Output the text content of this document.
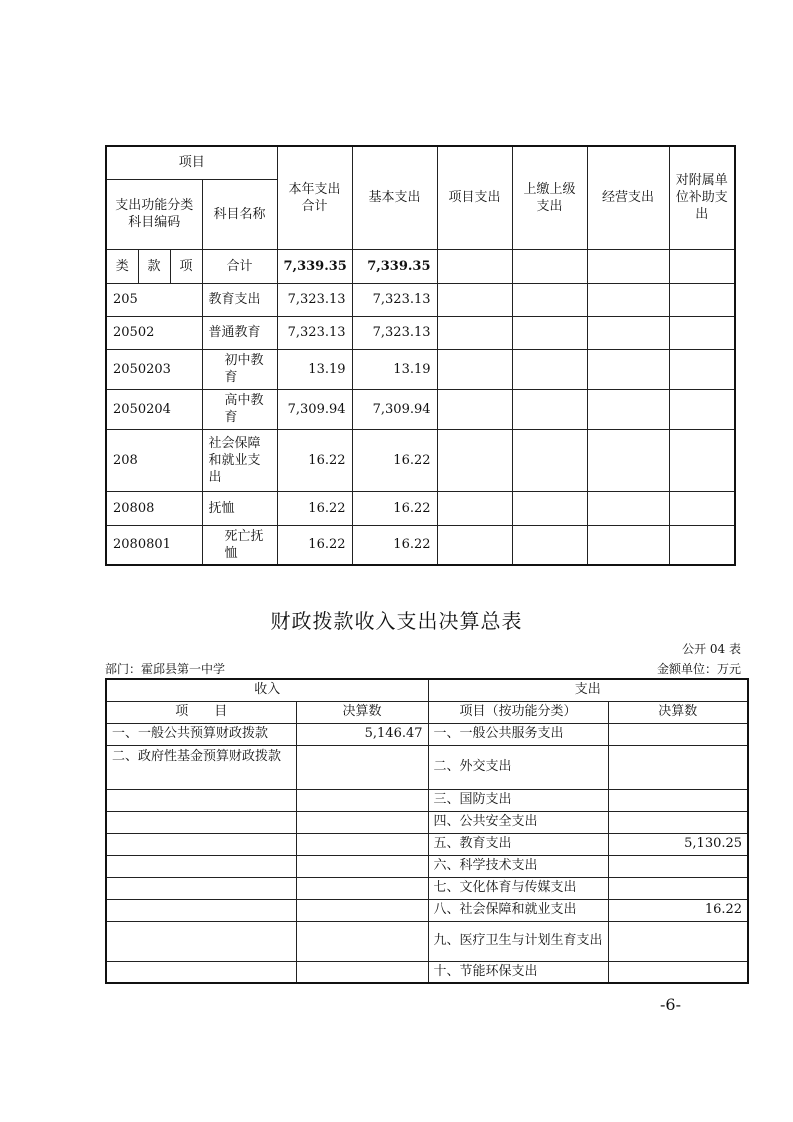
项目				本年支出合计	基本支出	项目支出	上缴上级支出	经营支出	对附属单位补助支出
支出功能分类科目编码			科目名称						
类	款	项	合计	7,339.35	7,339.35				
205			教育支出	7,323.13	7,323.13				
20502			普通教育	7,323.13	7,323.13				
2050203			初中教育	13.19	13.19				
2050204			高中教育	7,309.94	7,309.94				
208			社会保障和就业支出	16.22	16.22				
20808			抚恤	16.22	16.22				
2080801			死亡抚恤	16.22	16.22				
财政拨款收入支出决算总表
公开 04 表
部门：霍邱县第一中学	金额单位：万元
收入		支出	
项　　目	决算数	项目（按功能分类）	决算数
一、一般公共预算财政拨款	5,146.47	一、一般公共服务支出	
二、政府性基金预算财政拨款		二、外交支出	
		三、国防支出	
		四、公共安全支出	
		五、教育支出	5,130.25
		六、科学技术支出	
		七、文化体育与传媒支出	
		八、社会保障和就业支出	16.22
		九、医疗卫生与计划生育支出	
		十、节能环保支出	
-6-
